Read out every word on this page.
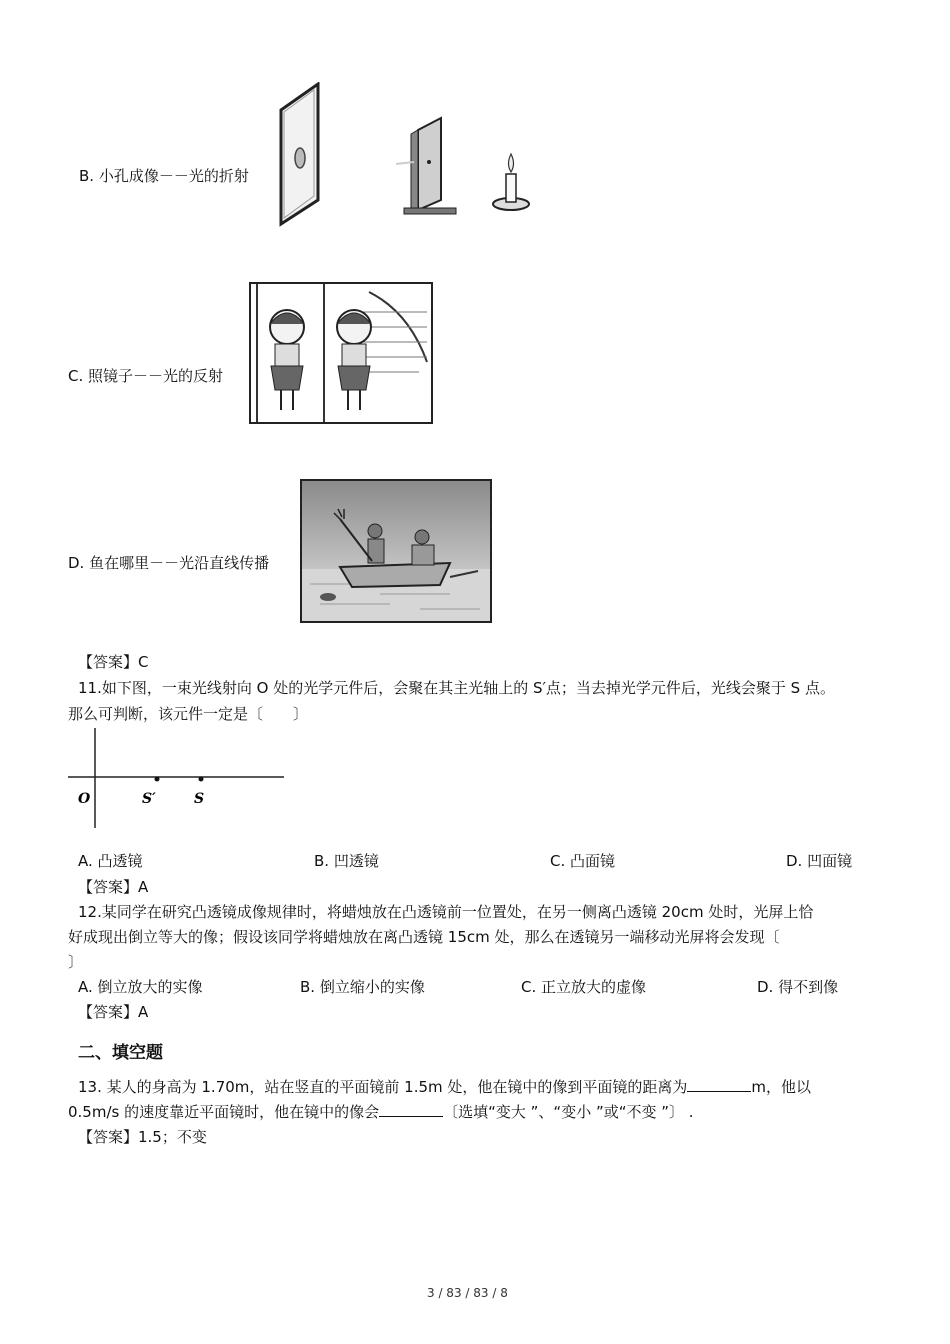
B. 小孔成像－－光的折射
C. 照镜子－－光的反射
D. 鱼在哪里－－光沿直线传播
【答案】C
11.如下图，一束光线射向 O 处的光学元件后，会聚在其主光轴上的 S′点；当去掉光学元件后，光线会聚于 S 点。
那么可判断，该元件一定是〔　　〕
O	S′	S
A. 凸透镜	B. 凹透镜	C. 凸面镜	D. 凹面镜
【答案】A
12.某同学在研究凸透镜成像规律时，将蜡烛放在凸透镜前一位置处，在另一侧离凸透镜 20cm 处时，光屏上恰
好成现出倒立等大的像；假设该同学将蜡烛放在离凸透镜 15cm 处，那么在透镜另一端移动光屏将会发现〔
〕
A. 倒立放大的实像	B. 倒立缩小的实像	C. 正立放大的虚像	D. 得不到像
【答案】A
二、填空题
13. 某人的身高为 1.70m，站在竖直的平面镜前 1.5m 处，他在镜中的像到平面镜的距离为	m，他以
0.5m/s 的速度靠近平面镜时，他在镜中的像会	〔选填“变大 ”、“变小 ”或“不变 ”〕 .
【答案】1.5；不变
3 / 83 / 83 / 8
